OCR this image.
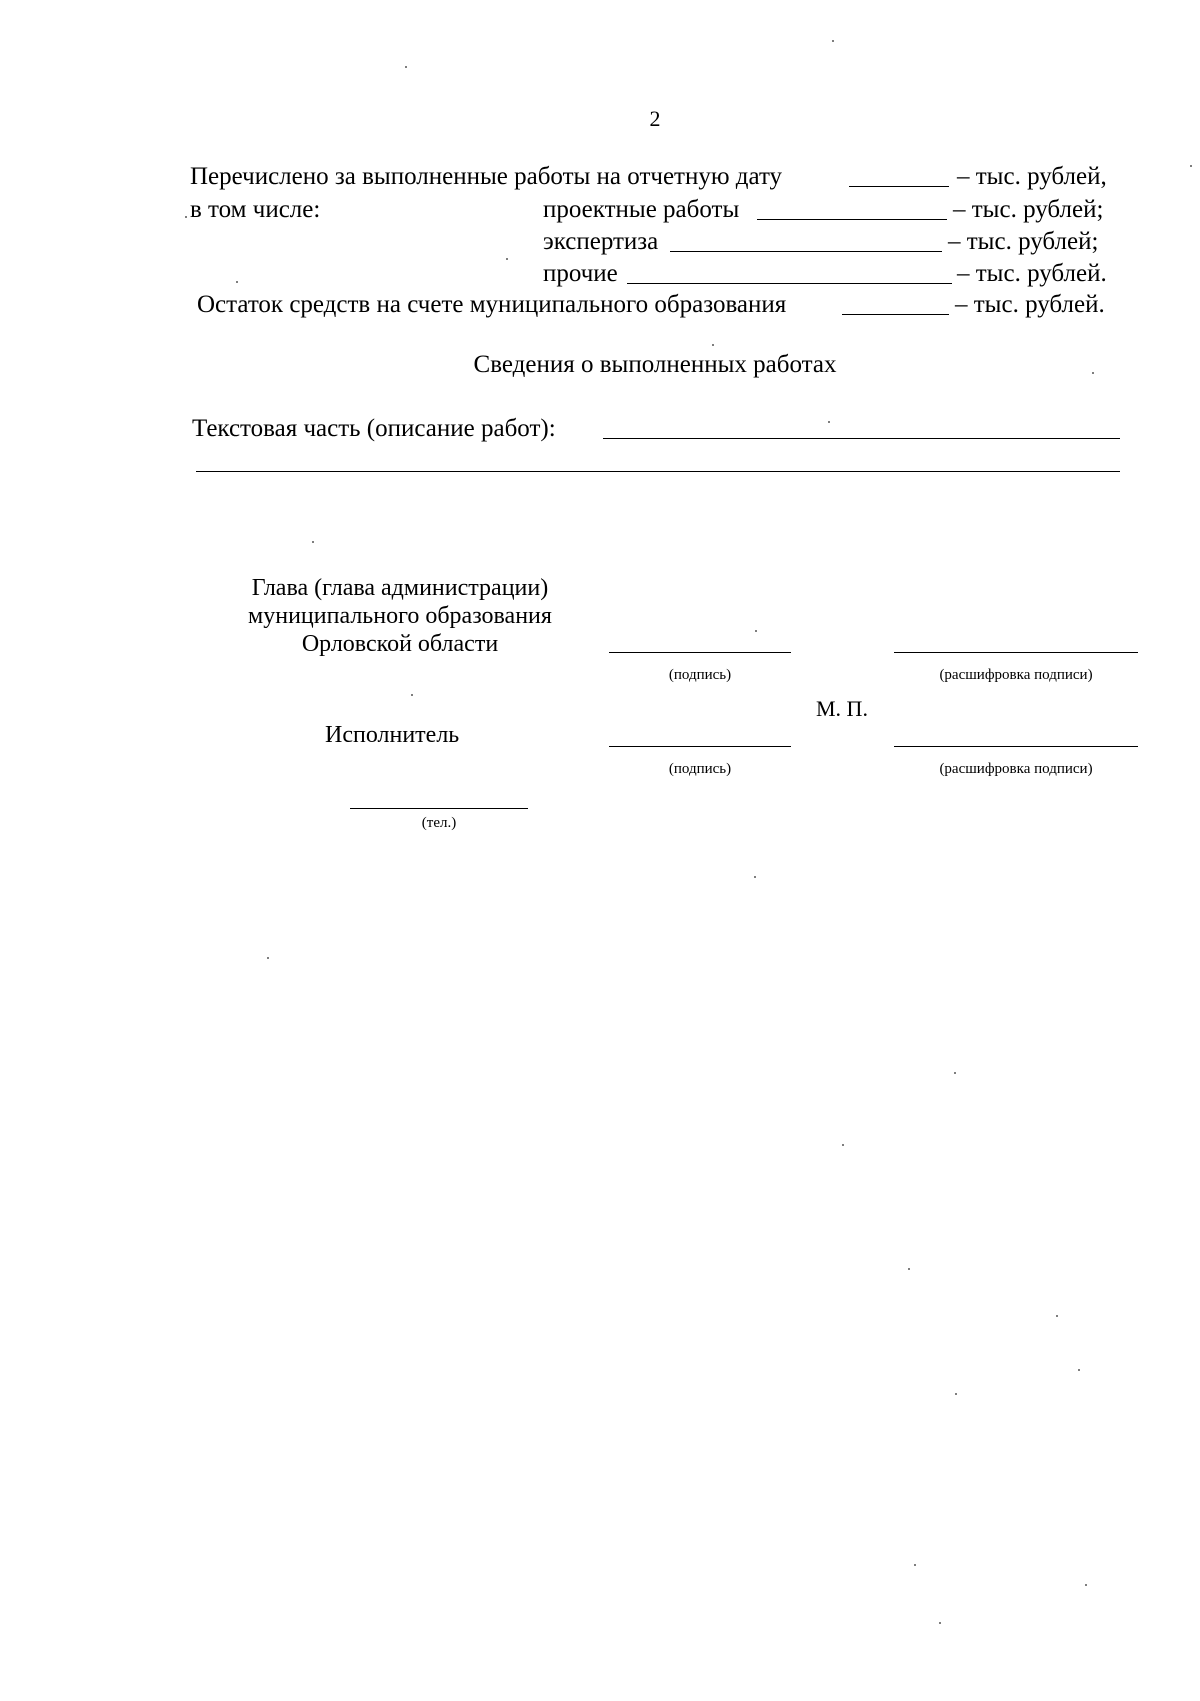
2
Перечислено за выполненные работы на отчетную дату	– тыс. рублей,
в том числе:	проектные работы	– тыс. рублей;
экспертиза	– тыс. рублей;
прочие	– тыс. рублей.
Остаток средств на счете муниципального образования	– тыс. рублей.
Сведения о выполненных работах
Текстовая часть (описание работ):
Глава (глава администрации)
муниципального образования
Орловской области
(подпись)	(расшифровка подписи)
М. П.
Исполнитель
(подпись)	(расшифровка подписи)
(тел.)
